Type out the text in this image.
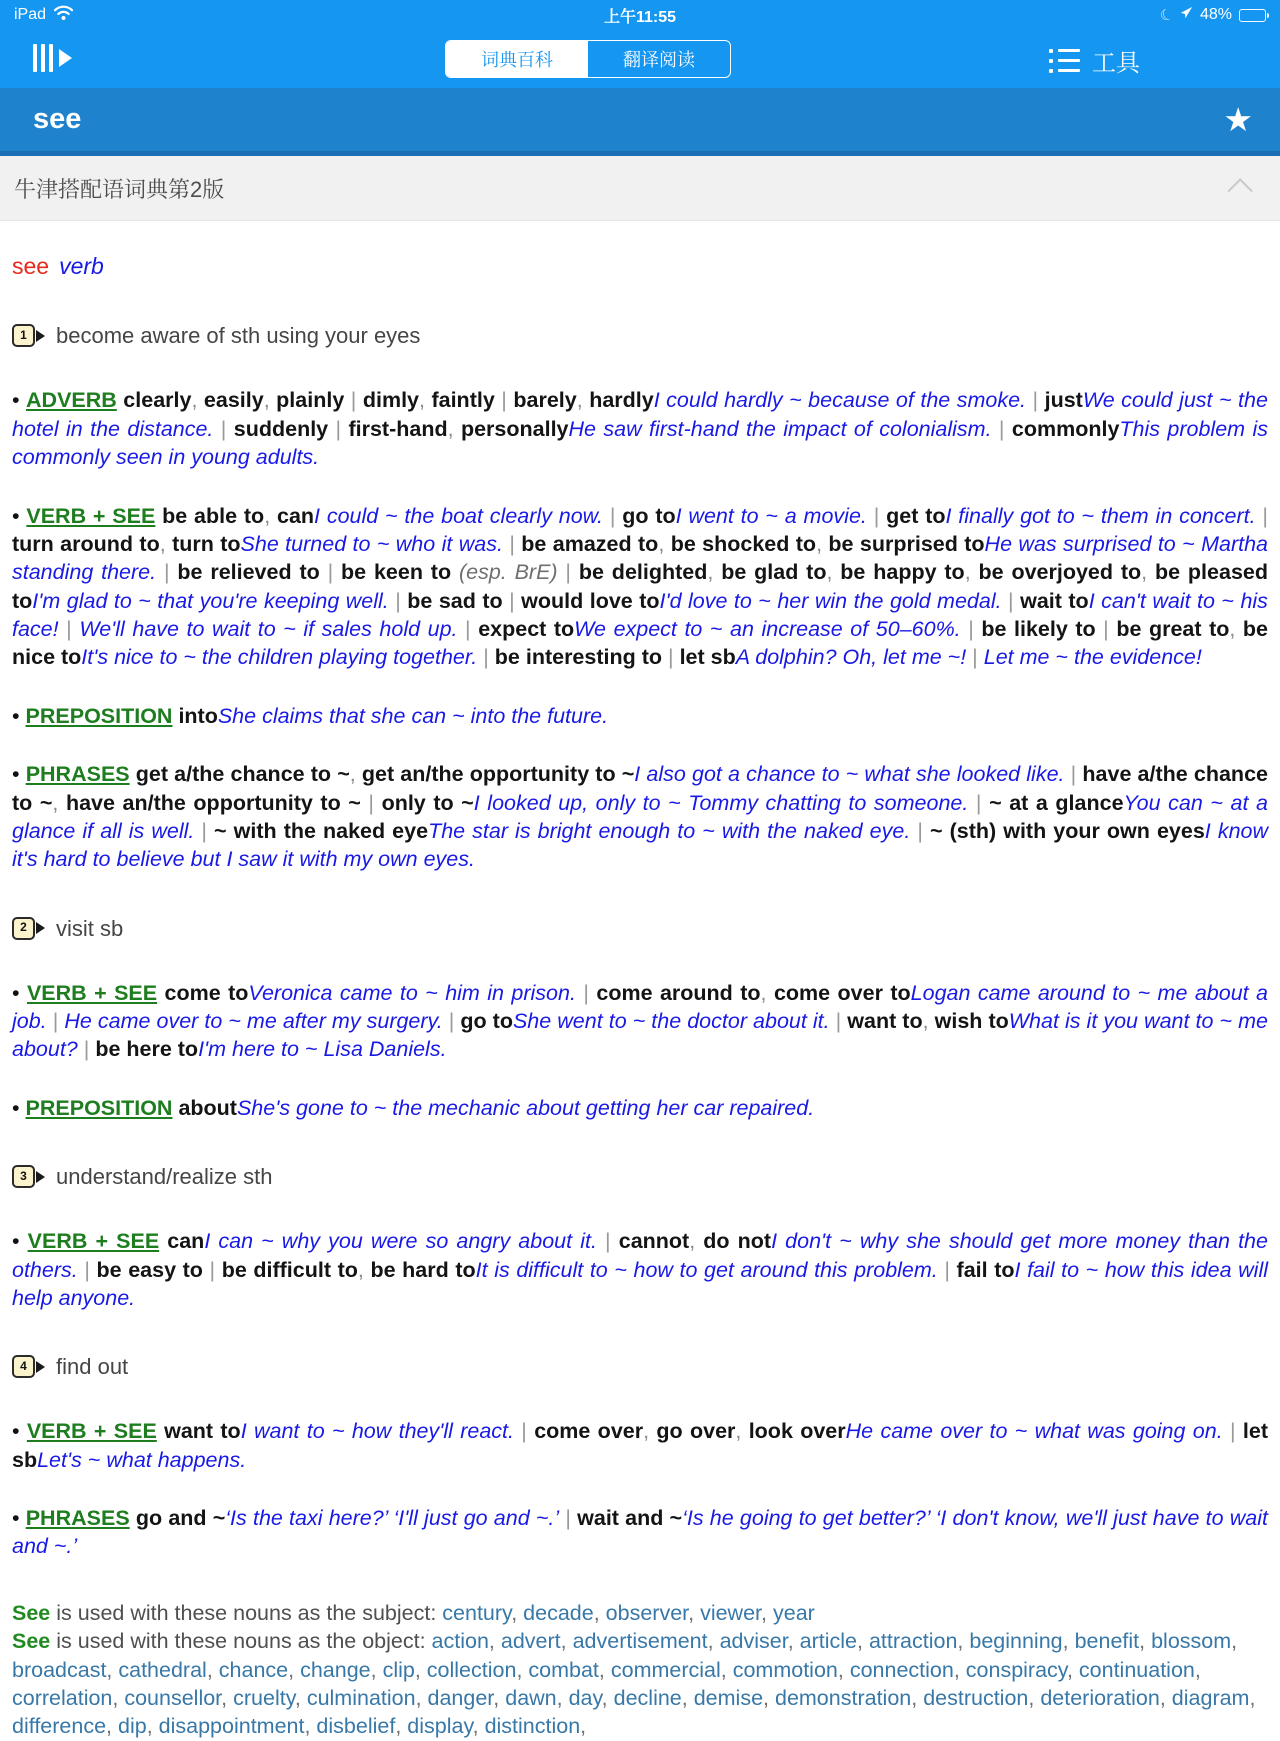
iPad	上午11:55	☾ 48%
词典百科	翻译阅读	工具
see	★
牛津搭配语词典第2版
see verb
1	become aware of sth using your eyes
• ADVERB clearly, easily, plainly | dimly, faintly | barely, hardlyI could hardly ~ because of the smoke. | justWe could just ~ the hotel in the distance. | suddenly | first-hand, personallyHe saw first-hand the impact of colonialism. | commonlyThis problem is commonly seen in young adults.
• VERB + SEE be able to, canI could ~ the boat clearly now. | go toI went to ~ a movie. | get toI finally got to ~ them in concert. | turn around to, turn toShe turned to ~ who it was. | be amazed to, be shocked to, be surprised toHe was surprised to ~ Martha standing there. | be relieved to | be keen to (esp. BrE) | be delighted, be glad to, be happy to, be overjoyed to, be pleased toI'm glad to ~ that you're keeping well. | be sad to | would love toI'd love to ~ her win the gold medal. | wait toI can't wait to ~ his face! | We'll have to wait to ~ if sales hold up. | expect toWe expect to ~ an increase of 50–60%. | be likely to | be great to, be nice toIt's nice to ~ the children playing together. | be interesting to | let sbA dolphin? Oh, let me ~! | Let me ~ the evidence!
• PREPOSITION intoShe claims that she can ~ into the future.
• PHRASES get a/the chance to ~, get an/the opportunity to ~I also got a chance to ~ what she looked like. | have a/the chance to ~, have an/the opportunity to ~ | only to ~I looked up, only to ~ Tommy chatting to someone. | ~ at a glanceYou can ~ at a glance if all is well. | ~ with the naked eyeThe star is bright enough to ~ with the naked eye. | ~ (sth) with your own eyesI know it's hard to believe but I saw it with my own eyes.
2	visit sb
• VERB + SEE come toVeronica came to ~ him in prison. | come around to, come over toLogan came around to ~ me about a job. | He came over to ~ me after my surgery. | go toShe went to ~ the doctor about it. | want to, wish toWhat is it you want to ~ me about? | be here toI'm here to ~ Lisa Daniels.
• PREPOSITION aboutShe's gone to ~ the mechanic about getting her car repaired.
3	understand/realize sth
• VERB + SEE canI can ~ why you were so angry about it. | cannot, do notI don't ~ why she should get more money than the others. | be easy to | be difficult to, be hard toIt is difficult to ~ how to get around this problem. | fail toI fail to ~ how this idea will help anyone.
4	find out
• VERB + SEE want toI want to ~ how they'll react. | come over, go over, look overHe came over to ~ what was going on. | let sbLet's ~ what happens.
• PHRASES go and ~‘Is the taxi here?’ ‘I'll just go and ~.’ | wait and ~‘Is he going to get better?’ ‘I don't know, we'll just have to wait and ~.’
See is used with these nouns as the subject: century, decade, observer, viewer, year
See is used with these nouns as the object: action, advert, advertisement, adviser, article, attraction, beginning, benefit, blossom, broadcast, cathedral, chance, change, clip, collection, combat, commercial, commotion, connection, conspiracy, continuation, correlation, counsellor, cruelty, culmination, danger, dawn, day, decline, demise, demonstration, destruction, deterioration, diagram, difference, dip, disappointment, disbelief, display, distinction,
